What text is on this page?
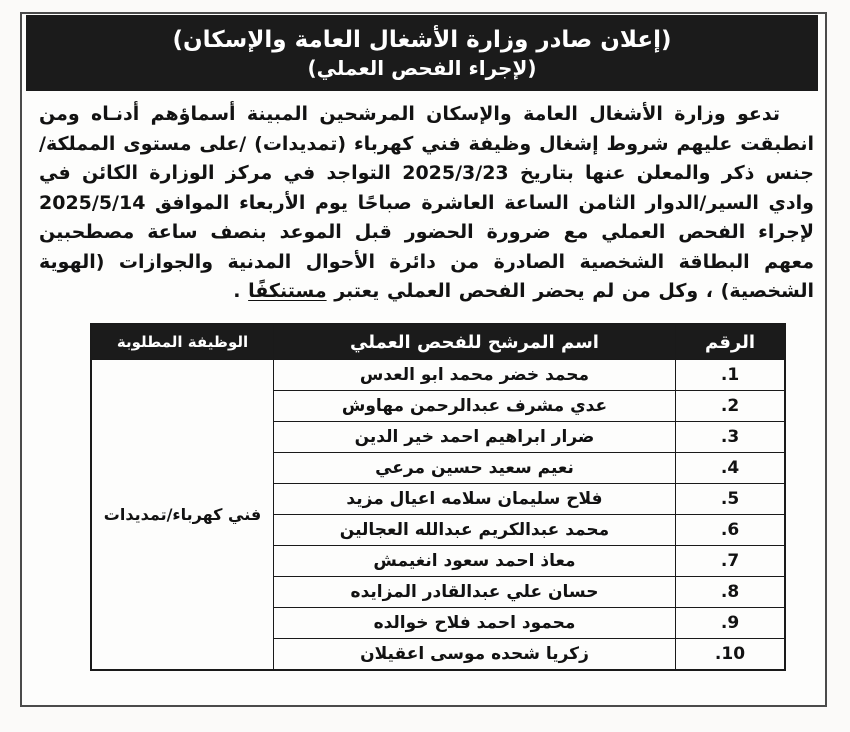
(إعلان صادر وزارة الأشغال العامة والإسكان)
(لإجراء الفحص العملي)

تدعو وزارة الأشغال العامة والإسكان المرشحين المبينة أسماؤهم أدنـاه ومن انطبقت عليهم شروط إشغال وظيفة فني كهرباء (تمديدات) /على مستوى المملكة/جنس ذكر والمعلن عنها بتاريخ 2025/3/23 التواجد في مركز الوزارة الكائن في وادي السير/الدوار الثامن الساعة العاشرة صباحًا يوم الأربعاء الموافق 2025/5/14 لإجراء الفحص العملي مع ضرورة الحضور قبل الموعد بنصف ساعة مصطحبين معهم البطاقة الشخصية الصادرة من دائرة الأحوال المدنية والجوازات (الهوية الشخصية) ، وكل من لم يحضر الفحص العملي يعتبر مستنكفًا .

الرقم	اسم المرشح للفحص العملي	الوظيفة المطلوبة
1.	محمد خضر محمد ابو العدس	فني كهرباء/تمديدات
2.	عدي مشرف عبدالرحمن مهاوش	
3.	ضرار ابراهيم احمد خير الدين	
4.	نعيم سعيد حسين مرعي	
5.	فلاح سليمان سلامه اعيال مزيد	
6.	محمد عبدالكريم عبدالله العجالين	
7.	معاذ احمد سعود انغيمش	
8.	حسان علي عبدالقادر المزايده	
9.	محمود احمد فلاح خوالده	
10.	زكريا شحده موسى اعقيلان	
